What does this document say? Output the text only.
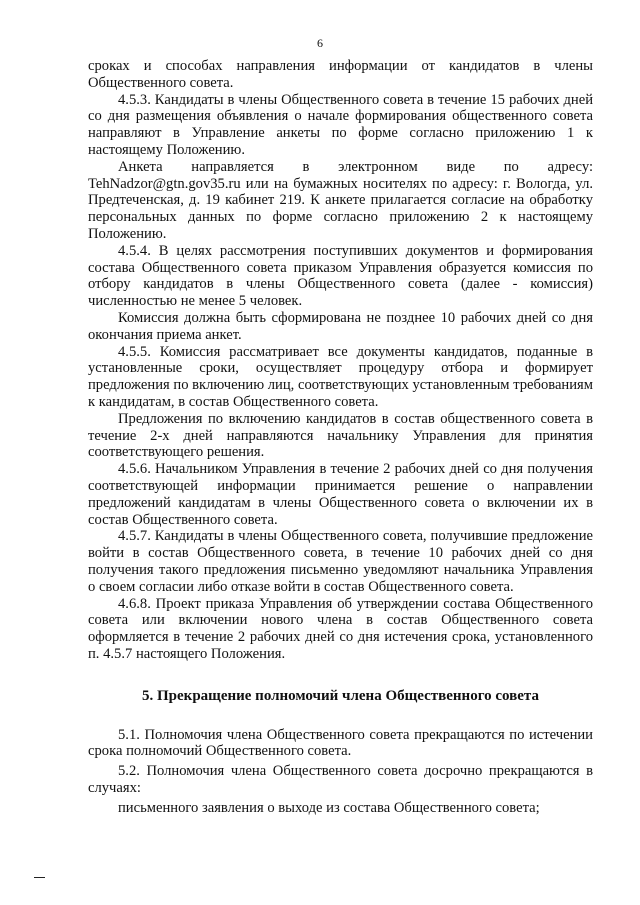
6

сроках и способах направления информации от кандидатов в члены Общественного совета.

4.5.3. Кандидаты в члены Общественного совета в течение 15 рабочих дней со дня размещения объявления о начале формирования общественного совета направляют в Управление анкеты по форме согласно приложению 1 к настоящему Положению.

Анкета направляется в электронном виде по адресу: TehNadzor@gtn.gov35.ru или на бумажных носителях по адресу: г. Вологда, ул. Предтеченская, д. 19 кабинет 219. К анкете прилагается согласие на обработку персональных данных по форме согласно приложению 2 к настоящему Положению.

4.5.4. В целях рассмотрения поступивших документов и формирования состава Общественного совета приказом Управления образуется комиссия по отбору кандидатов в члены Общественного совета (далее - комиссия) численностью не менее 5 человек.

Комиссия должна быть сформирована не позднее 10 рабочих дней со дня окончания приема анкет.

4.5.5. Комиссия рассматривает все документы кандидатов, поданные в установленные сроки, осуществляет процедуру отбора и формирует предложения по включению лиц, соответствующих установленным требованиям к кандидатам, в состав Общественного совета.

Предложения по включению кандидатов в состав общественного совета в течение 2-х дней направляются начальнику Управления для принятия соответствующего решения.

4.5.6. Начальником Управления в течение 2 рабочих дней со дня получения соответствующей информации принимается решение о направлении предложений кандидатам в члены Общественного совета о включении их в состав Общественного совета.

4.5.7. Кандидаты в члены Общественного совета, получившие предложение войти в состав Общественного совета, в течение 10 рабочих дней со дня получения такого предложения письменно уведомляют начальника Управления о своем согласии либо отказе войти в состав Общественного совета.

4.6.8. Проект приказа Управления об утверждении состава Общественного совета или включении нового члена в состав Общественного совета оформляется в течение 2 рабочих дней со дня истечения срока, установленного п. 4.5.7 настоящего Положения.

5. Прекращение полномочий члена Общественного совета

5.1. Полномочия члена Общественного совета прекращаются по истечении срока полномочий Общественного совета.

5.2. Полномочия члена Общественного совета досрочно прекращаются в случаях:

письменного заявления о выходе из состава Общественного совета;
